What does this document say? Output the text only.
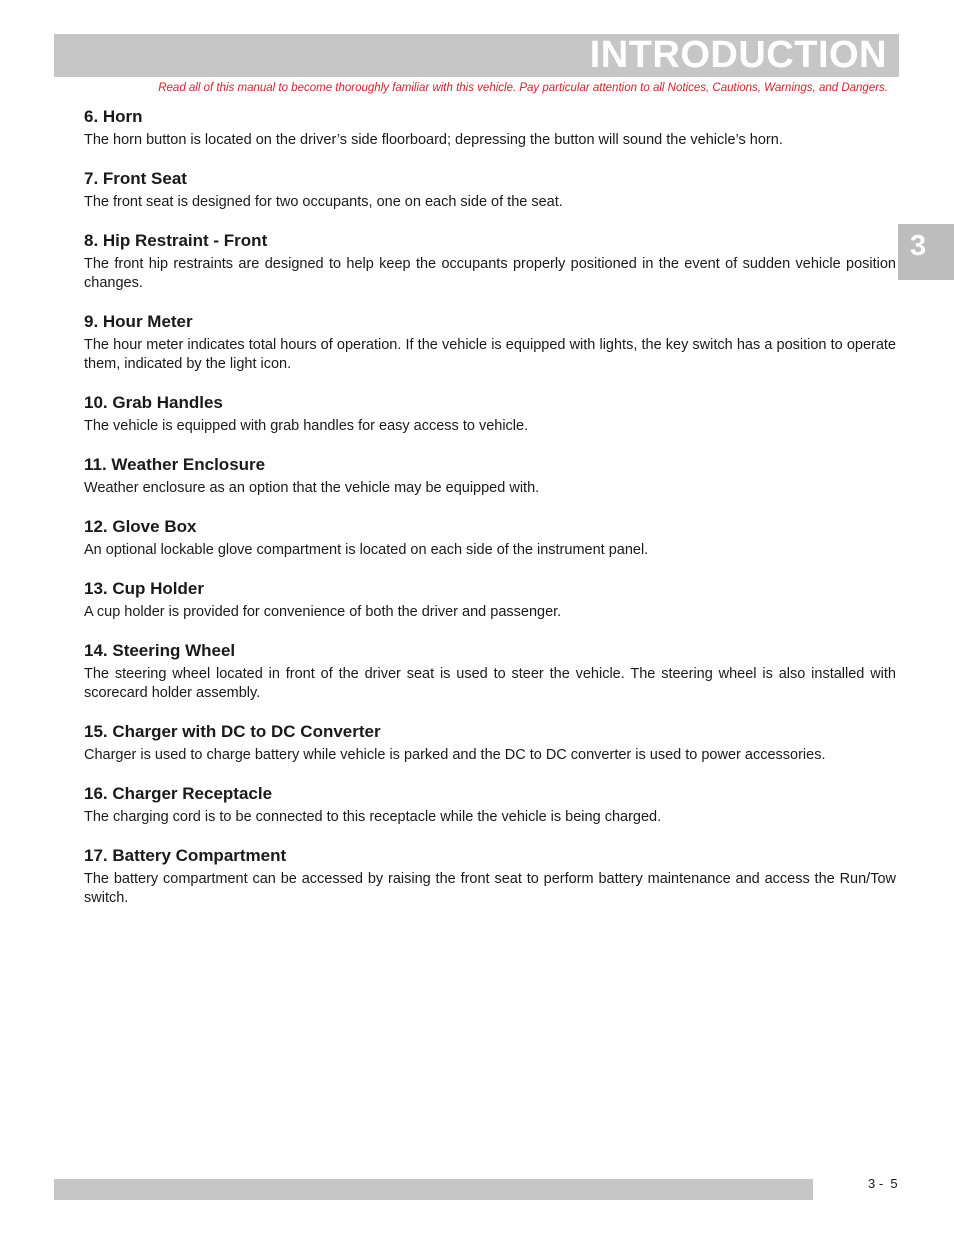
INTRODUCTION
Read all of this manual to become thoroughly familiar with this vehicle. Pay particular attention to all Notices, Cautions, Warnings, and Dangers.
3
6. Horn

The horn button is located on the driver’s side floorboard; depressing the button will sound the vehicle’s horn.

7. Front Seat

The front seat is designed for two occupants, one on each side of the seat.

8. Hip Restraint - Front

The front hip restraints are designed to help keep the occupants properly positioned in the event of sudden vehicle position changes.

9. Hour Meter

The hour meter indicates total hours of operation. If the vehicle is equipped with lights, the key switch has a position to operate them, indicated by the light icon.

10. Grab Handles

The vehicle is equipped with grab handles for easy access to vehicle.

11. Weather Enclosure

Weather enclosure as an option that the vehicle may be equipped with.

12. Glove Box

An optional lockable glove compartment is located on each side of the instrument panel.

13. Cup Holder

A cup holder is provided for convenience of both the driver and passenger.

14. Steering Wheel

The steering wheel located in front of the driver seat is used to steer the vehicle. The steering wheel is also installed with scorecard holder assembly.

15. Charger with DC to DC Converter

Charger is used to charge battery while vehicle is parked and the DC to DC converter is used to power accessories.

16. Charger Receptacle

The charging cord is to be connected to this receptacle while the vehicle is being charged.

17. Battery Compartment

The battery compartment can be accessed by raising the front seat to perform battery maintenance and access the Run/Tow switch.

3 -  5
